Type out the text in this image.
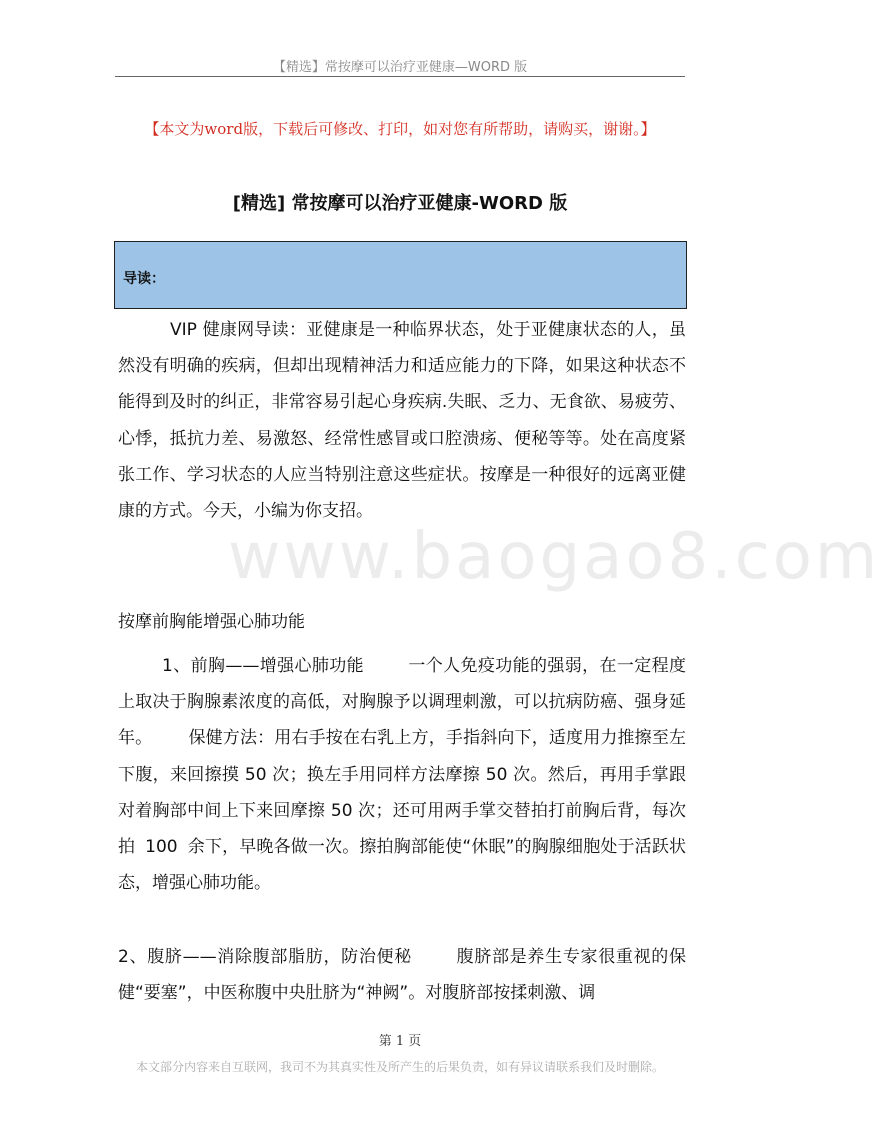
【精选】常按摩可以治疗亚健康—WORD 版
【本文为word版，下载后可修改、打印，如对您有所帮助，请购买，谢谢。】
www.baogao8.com
[精选] 常按摩可以治疗亚健康-WORD 版
导读：

VIP 健康网导读：亚健康是一种临界状态，处于亚健康状态的人，虽然没有明确的疾病，但却出现精神活力和适应能力的下降，如果这种状态不能得到及时的纠正，非常容易引起心身疾病.失眠、乏力、无食欲、易疲劳、心悸，抵抗力差、易激怒、经常性感冒或口腔溃疡、便秘等等。处在高度紧张工作、学习状态的人应当特别注意这些症状。按摩是一种很好的远离亚健康的方式。今天，小编为你支招。

按摩前胸能增强心肺功能

1、前胸——增强心肺功能	一个人免疫功能的强弱，在一定程度上取决于胸腺素浓度的高低，对胸腺予以调理刺激，可以抗病防癌、强身延年。 保健方法：用右手按在右乳上方，手指斜向下，适度用力推擦至左下腹，来回擦摸 50 次；换左手用同样方法摩擦 50 次。然后，再用手掌跟对着胸部中间上下来回摩擦 50 次；还可用两手掌交替拍打前胸后背，每次拍 100 余下，早晚各做一次。擦拍胸部能使“休眠”的胸腺细胞处于活跃状态，增强心肺功能。

2、腹脐——消除腹部脂肪，防治便秘	腹脐部是养生专家很重视的保健“要塞”，中医称腹中央肚脐为“神阙”。对腹脐部按揉刺激、调

第 1 页
本文部分内容来自互联网，我司不为其真实性及所产生的后果负责，如有异议请联系我们及时删除。
